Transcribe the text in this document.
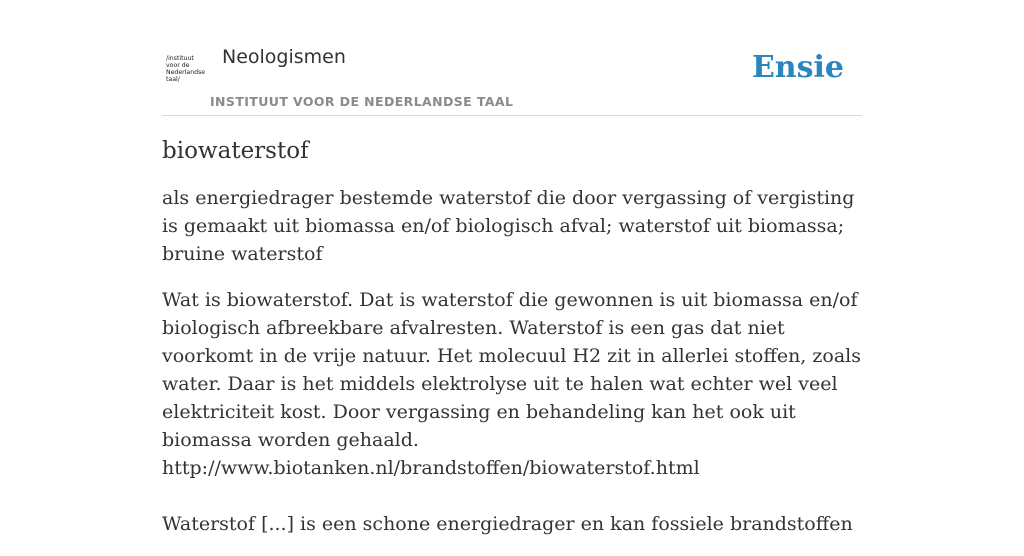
/instituut
voor de
Nederlandse
taal/
Neologismen
INSTITUUT VOOR DE NEDERLANDSE TAAL
Ensie
biowaterstof

als energiedrager bestemde waterstof die door vergassing of vergisting is gemaakt uit biomassa en/of biologisch afval; waterstof uit biomassa; bruine waterstof

Wat is biowaterstof. Dat is waterstof die gewonnen is uit biomassa en/of biologisch afbreekbare afvalresten. Waterstof is een gas dat niet voorkomt in de vrije natuur. Het molecuul H2 zit in allerlei stoffen, zoals water. Daar is het middels elektrolyse uit te halen wat echter wel veel elektriciteit kost. Door vergassing en behandeling kan het ook uit biomassa worden gehaald.

http://www.biotanken.nl/brandstoffen/biowaterstof.html

Waterstof [...] is een schone energiedrager en kan fossiele brandstoffen
